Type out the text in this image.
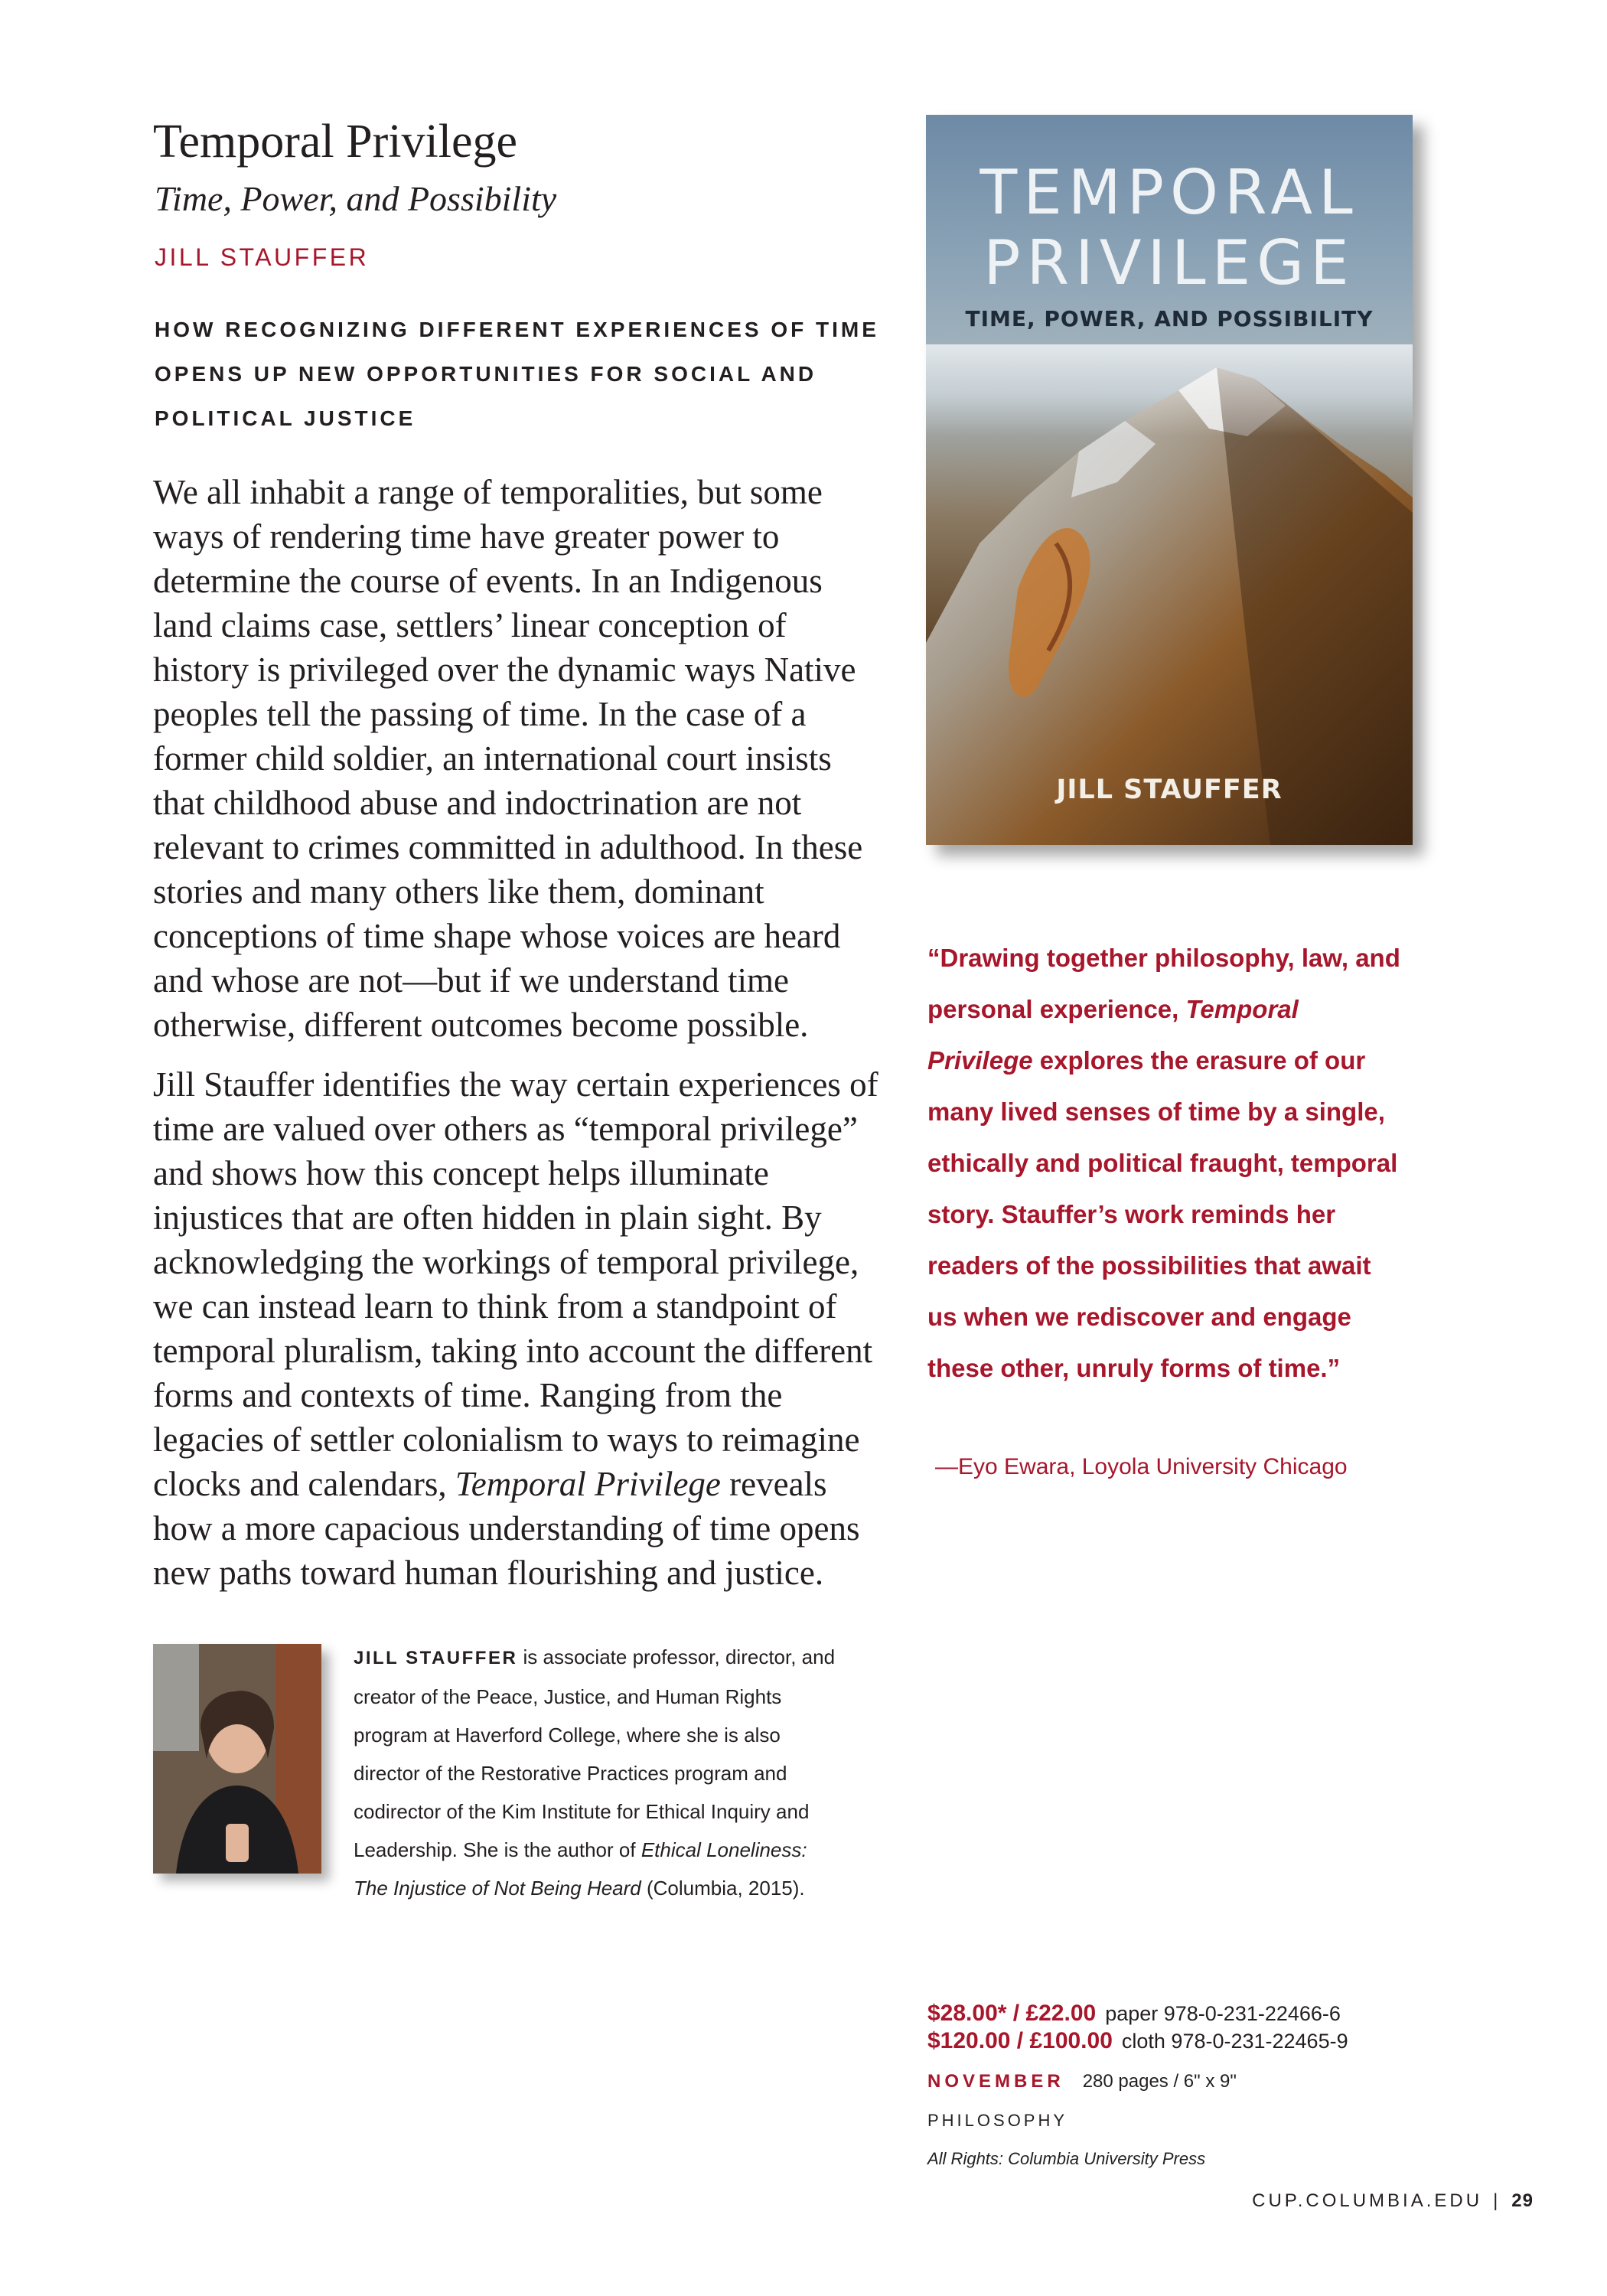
Temporal Privilege
Time, Power, and Possibility
JILL STAUFFER

HOW RECOGNIZING DIFFERENT EXPERIENCES OF TIME OPENS UP NEW OPPORTUNITIES FOR SOCIAL AND POLITICAL JUSTICE

We all inhabit a range of temporalities, but some ways of rendering time have greater power to determine the course of events. In an Indigenous land claims case, settlers’ linear conception of history is privileged over the dynamic ways Native peoples tell the passing of time. In the case of a former child soldier, an international court insists that childhood abuse and indoctrination are not relevant to crimes committed in adulthood. In these stories and many others like them, dominant conceptions of time shape whose voices are heard and whose are not—but if we understand time otherwise, different outcomes become possible.

Jill Stauffer identifies the way certain experiences of time are valued over others as “temporal privilege” and shows how this concept helps illuminate injustices that are often hidden in plain sight. By acknowledging the workings of temporal privilege, we can instead learn to think from a standpoint of temporal pluralism, taking into account the different forms and contexts of time. Ranging from the legacies of settler colonialism to ways to reimagine clocks and calendars, Temporal Privilege reveals how a more capacious understanding of time opens new paths toward human flourishing and justice.

TEMPORAL
PRIVILEGE
TIME, POWER, AND POSSIBILITY
JILL STAUFFER

“Drawing together philosophy, law, and personal experience, Temporal Privilege explores the erasure of our many lived senses of time by a single, ethically and political fraught, temporal story. Stauffer’s work reminds her readers of the possibilities that await us when we rediscover and engage these other, unruly forms of time.”

—Eyo Ewara, Loyola University Chicago

JILL STAUFFER is associate professor, director, and creator of the Peace, Justice, and Human Rights program at Haverford College, where she is also director of the Restorative Practices program and codirector of the Kim Institute for Ethical Inquiry and Leadership. She is the author of Ethical Loneliness: The Injustice of Not Being Heard (Columbia, 2015).

$28.00* / £22.00 paper 978-0-231-22466-6
$120.00 / £100.00 cloth 978-0-231-22465-9
NOVEMBER 280 pages / 6" x 9"
PHILOSOPHY
All Rights: Columbia University Press
CUP.COLUMBIA.EDU | 29
